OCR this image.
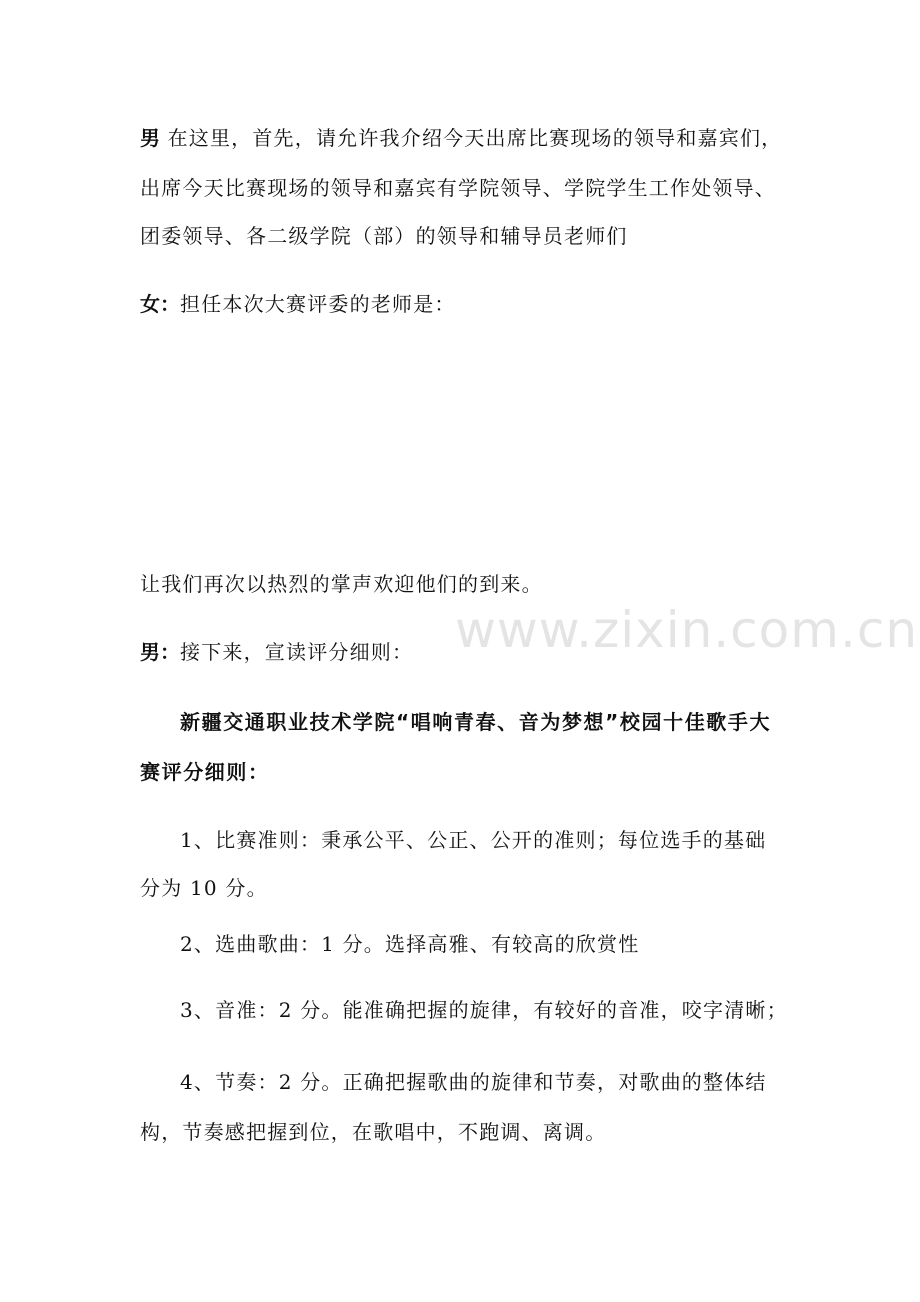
男 在这里，首先，请允许我介绍今天出席比赛现场的领导和嘉宾们，
出席今天比赛现场的领导和嘉宾有学院领导、学院学生工作处领导、
团委领导、各二级学院（部）的领导和辅导员老师们
女：担任本次大赛评委的老师是：
让我们再次以热烈的掌声欢迎他们的到来。
男：接下来，宣读评分细则：
新疆交通职业技术学院“唱响青春、音为梦想”校园十佳歌手大
赛评分细则：
1、比赛准则：秉承公平、公正、公开的准则；每位选手的基础
分为 10 分。
2、选曲歌曲：1 分。选择高雅、有较高的欣赏性
3、音准：2 分。能准确把握的旋律，有较好的音准，咬字清晰；
4、节奏：2 分。正确把握歌曲的旋律和节奏，对歌曲的整体结
构，节奏感把握到位，在歌唱中，不跑调、离调。
www.zixin.com.cn
